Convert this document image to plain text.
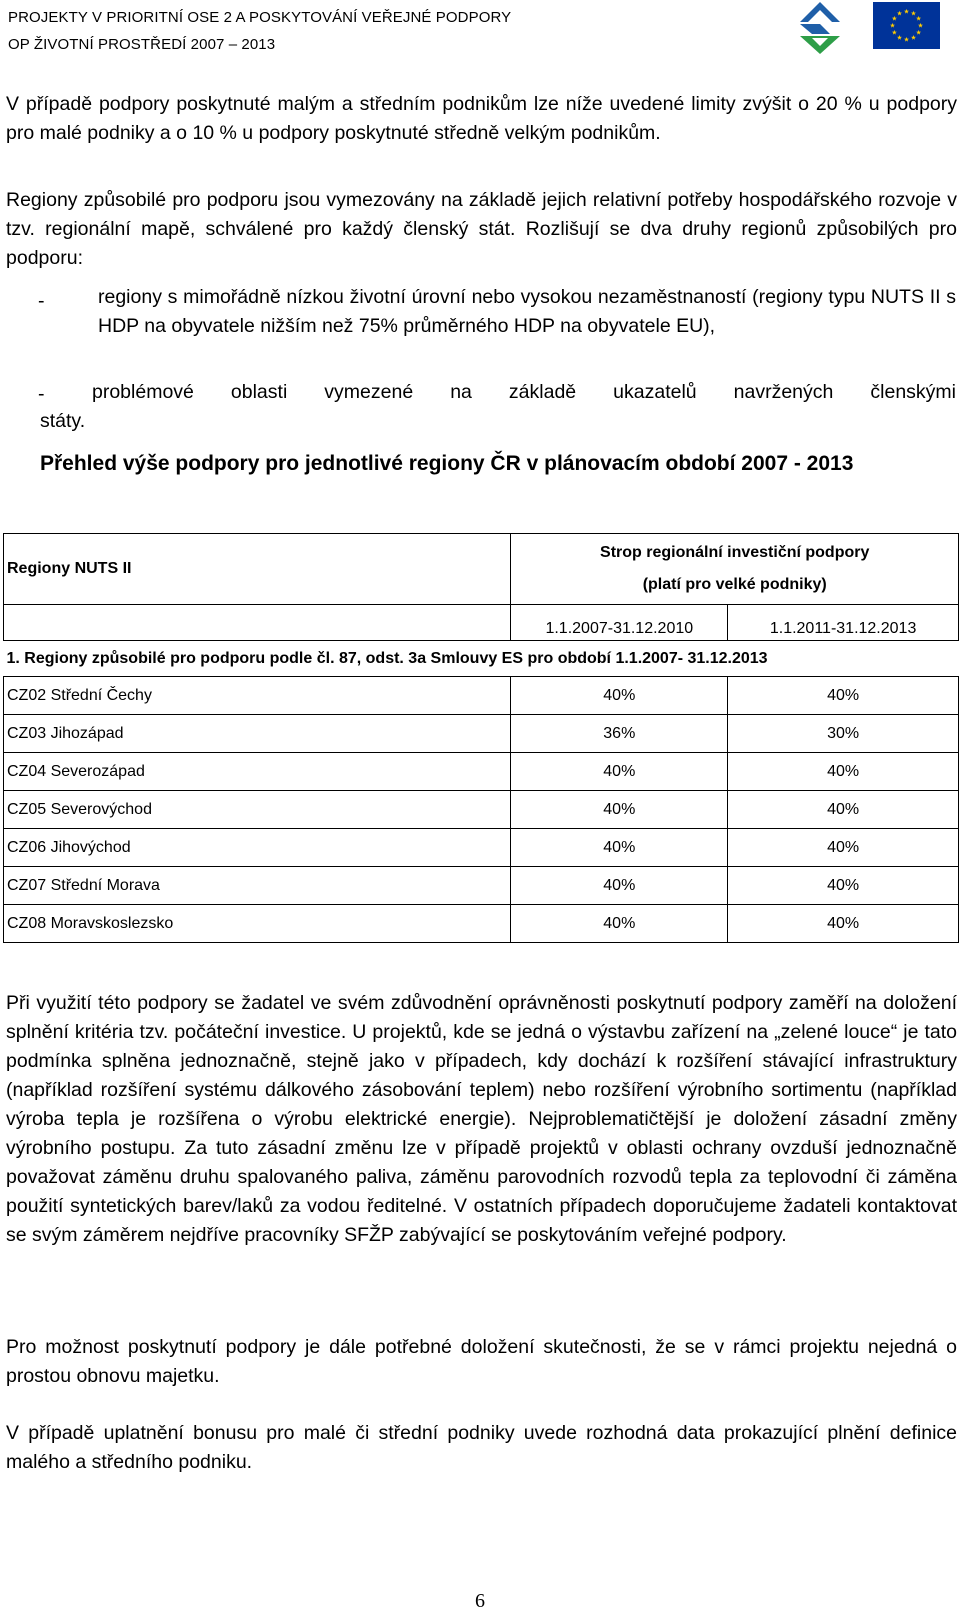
PROJEKTY V PRIORITNÍ OSE 2 A POSKYTOVÁNÍ VEŘEJNÉ PODPORY
OP ŽIVOTNÍ PROSTŘEDÍ 2007 – 2013

V případě podpory poskytnuté malým a středním podnikům lze níže uvedené limity zvýšit o 20 % u podpory pro malé podniky a o 10 % u podpory poskytnuté středně velkým podnikům.

Regiony způsobilé pro podporu jsou vymezovány na základě jejich relativní potřeby hospodářského rozvoje v tzv. regionální mapě, schválené pro každý členský stát. Rozlišují se dva druhy regionů způsobilých pro podporu:

-	regiony s mimořádně nízkou životní úrovní nebo vysokou nezaměstnaností (regiony typu NUTS II s HDP na obyvatele nižším než 75% průměrného HDP na obyvatele EU),

- problémové oblasti vymezené na základě ukazatelů navržených členskými

státy.

Přehled výše podpory pro jednotlivé regiony ČR v plánovacím období 2007 - 2013

Regiony NUTS II	Strop regionální investiční podpory
(platí pro velké podniky)	

	1.1.2007-31.12.2010	1.1.2011-31.12.2013
1. Regiony způsobilé pro podporu podle čl. 87, odst. 3a Smlouvy ES pro období 1.1.2007- 31.12.2013		
CZ02 Střední Čechy	40%	40%
CZ03 Jihozápad	36%	30%
CZ04 Severozápad	40%	40%
CZ05 Severovýchod	40%	40%
CZ06 Jihovýchod	40%	40%
CZ07 Střední Morava	40%	40%
CZ08 Moravskoslezsko	40%	40%

Při využití této podpory se žadatel ve svém zdůvodnění oprávněnosti poskytnutí podpory zaměří na doložení splnění kritéria tzv. počáteční investice. U projektů, kde se jedná o výstavbu zařízení na „zelené louce“ je tato podmínka splněna jednoznačně, stejně jako v případech, kdy dochází k rozšíření stávající infrastruktury (například rozšíření systému dálkového zásobování teplem) nebo rozšíření výrobního sortimentu (například výroba tepla je rozšířena o výrobu elektrické energie). Nejproblematičtější je doložení zásadní změny výrobního postupu. Za tuto zásadní změnu lze v případě projektů v oblasti ochrany ovzduší jednoznačně považovat záměnu druhu spalovaného paliva, záměnu parovodních rozvodů tepla za teplovodní či záměna použití syntetických barev/laků za vodou ředitelné. V ostatních případech doporučujeme žadateli kontaktovat se svým záměrem nejdříve pracovníky SFŽP zabývající se poskytováním veřejné podpory.

Pro možnost poskytnutí podpory je dále potřebné doložení skutečnosti, že se v rámci projektu nejedná o prostou obnovu majetku.

V případě uplatnění bonusu pro malé či střední podniky uvede rozhodná data prokazující plnění definice malého a středního podniku.

6
